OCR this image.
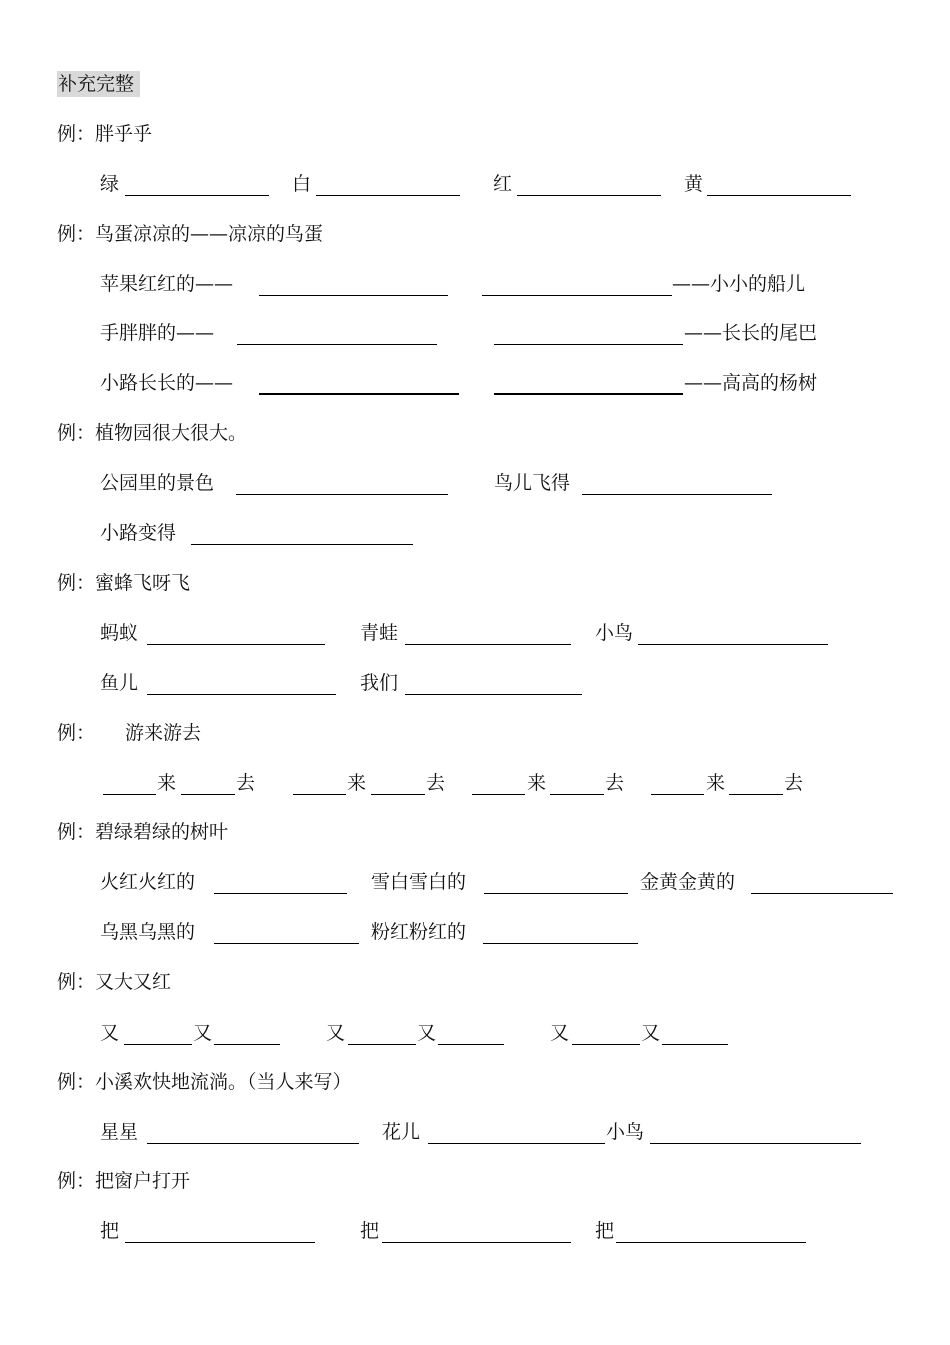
补充完整
例：胖乎乎
绿	白	红	黄
例：鸟蛋凉凉的——凉凉的鸟蛋
苹果红红的——	——小小的船儿
手胖胖的——	——长长的尾巴
小路长长的——	——高高的杨树
例：植物园很大很大。
公园里的景色	鸟儿飞得
小路变得
例：蜜蜂飞呀飞
蚂蚁	青蛙	小鸟
鱼儿	我们
例： 游来游去
来	去	来	去	来	去	来	去
例：碧绿碧绿的树叶
火红火红的	雪白雪白的	金黄金黄的
乌黑乌黑的	粉红粉红的
例：又大又红
又	又	又	又	又	又
例：小溪欢快地流淌。（当人来写）
星星	花儿	小鸟
例：把窗户打开
把	把	把
